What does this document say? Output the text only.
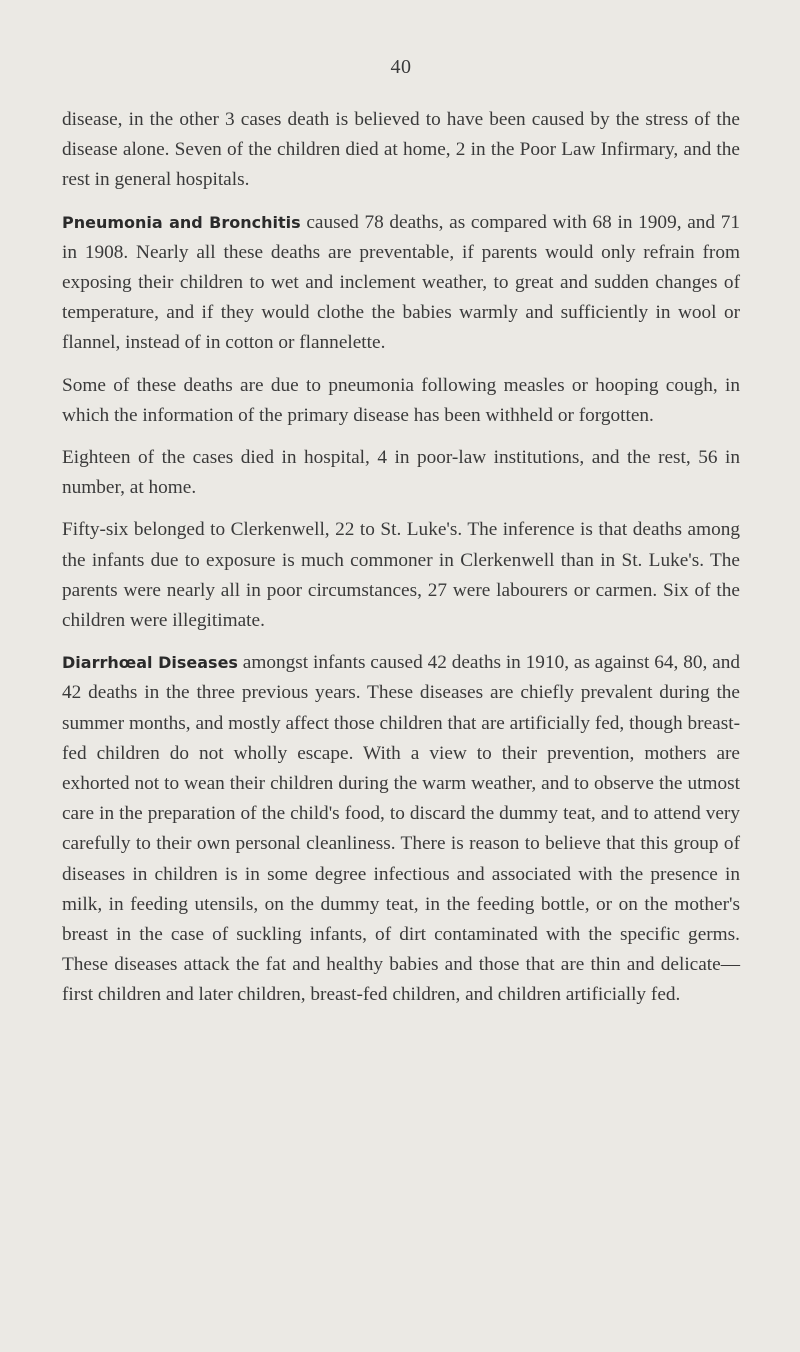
40

disease, in the other 3 cases death is believed to have been caused by the stress of the disease alone. Seven of the children died at home, 2 in the Poor Law Infirmary, and the rest in general hospitals.

Pneumonia and Bronchitis caused 78 deaths, as compared with 68 in 1909, and 71 in 1908. Nearly all these deaths are preventable, if parents would only refrain from exposing their children to wet and inclement weather, to great and sudden changes of temperature, and if they would clothe the babies warmly and sufficiently in wool or flannel, instead of in cotton or flannelette.

Some of these deaths are due to pneumonia following measles or hooping cough, in which the information of the primary disease has been withheld or forgotten.

Eighteen of the cases died in hospital, 4 in poor-law institutions, and the rest, 56 in number, at home.

Fifty-six belonged to Clerkenwell, 22 to St. Luke's. The inference is that deaths among the infants due to exposure is much commoner in Clerkenwell than in St. Luke's. The parents were nearly all in poor circumstances, 27 were labourers or carmen. Six of the children were illegitimate.

Diarrhœal Diseases amongst infants caused 42 deaths in 1910, as against 64, 80, and 42 deaths in the three previous years. These diseases are chiefly prevalent during the summer months, and mostly affect those children that are artificially fed, though breast-fed children do not wholly escape. With a view to their prevention, mothers are exhorted not to wean their children during the warm weather, and to observe the utmost care in the preparation of the child's food, to discard the dummy teat, and to attend very carefully to their own personal cleanliness. There is reason to believe that this group of diseases in children is in some degree infectious and associated with the presence in milk, in feeding utensils, on the dummy teat, in the feeding bottle, or on the mother's breast in the case of suckling infants, of dirt contaminated with the specific germs. These diseases attack the fat and healthy babies and those that are thin and delicate—first children and later children, breast-fed children, and children artificially fed.
